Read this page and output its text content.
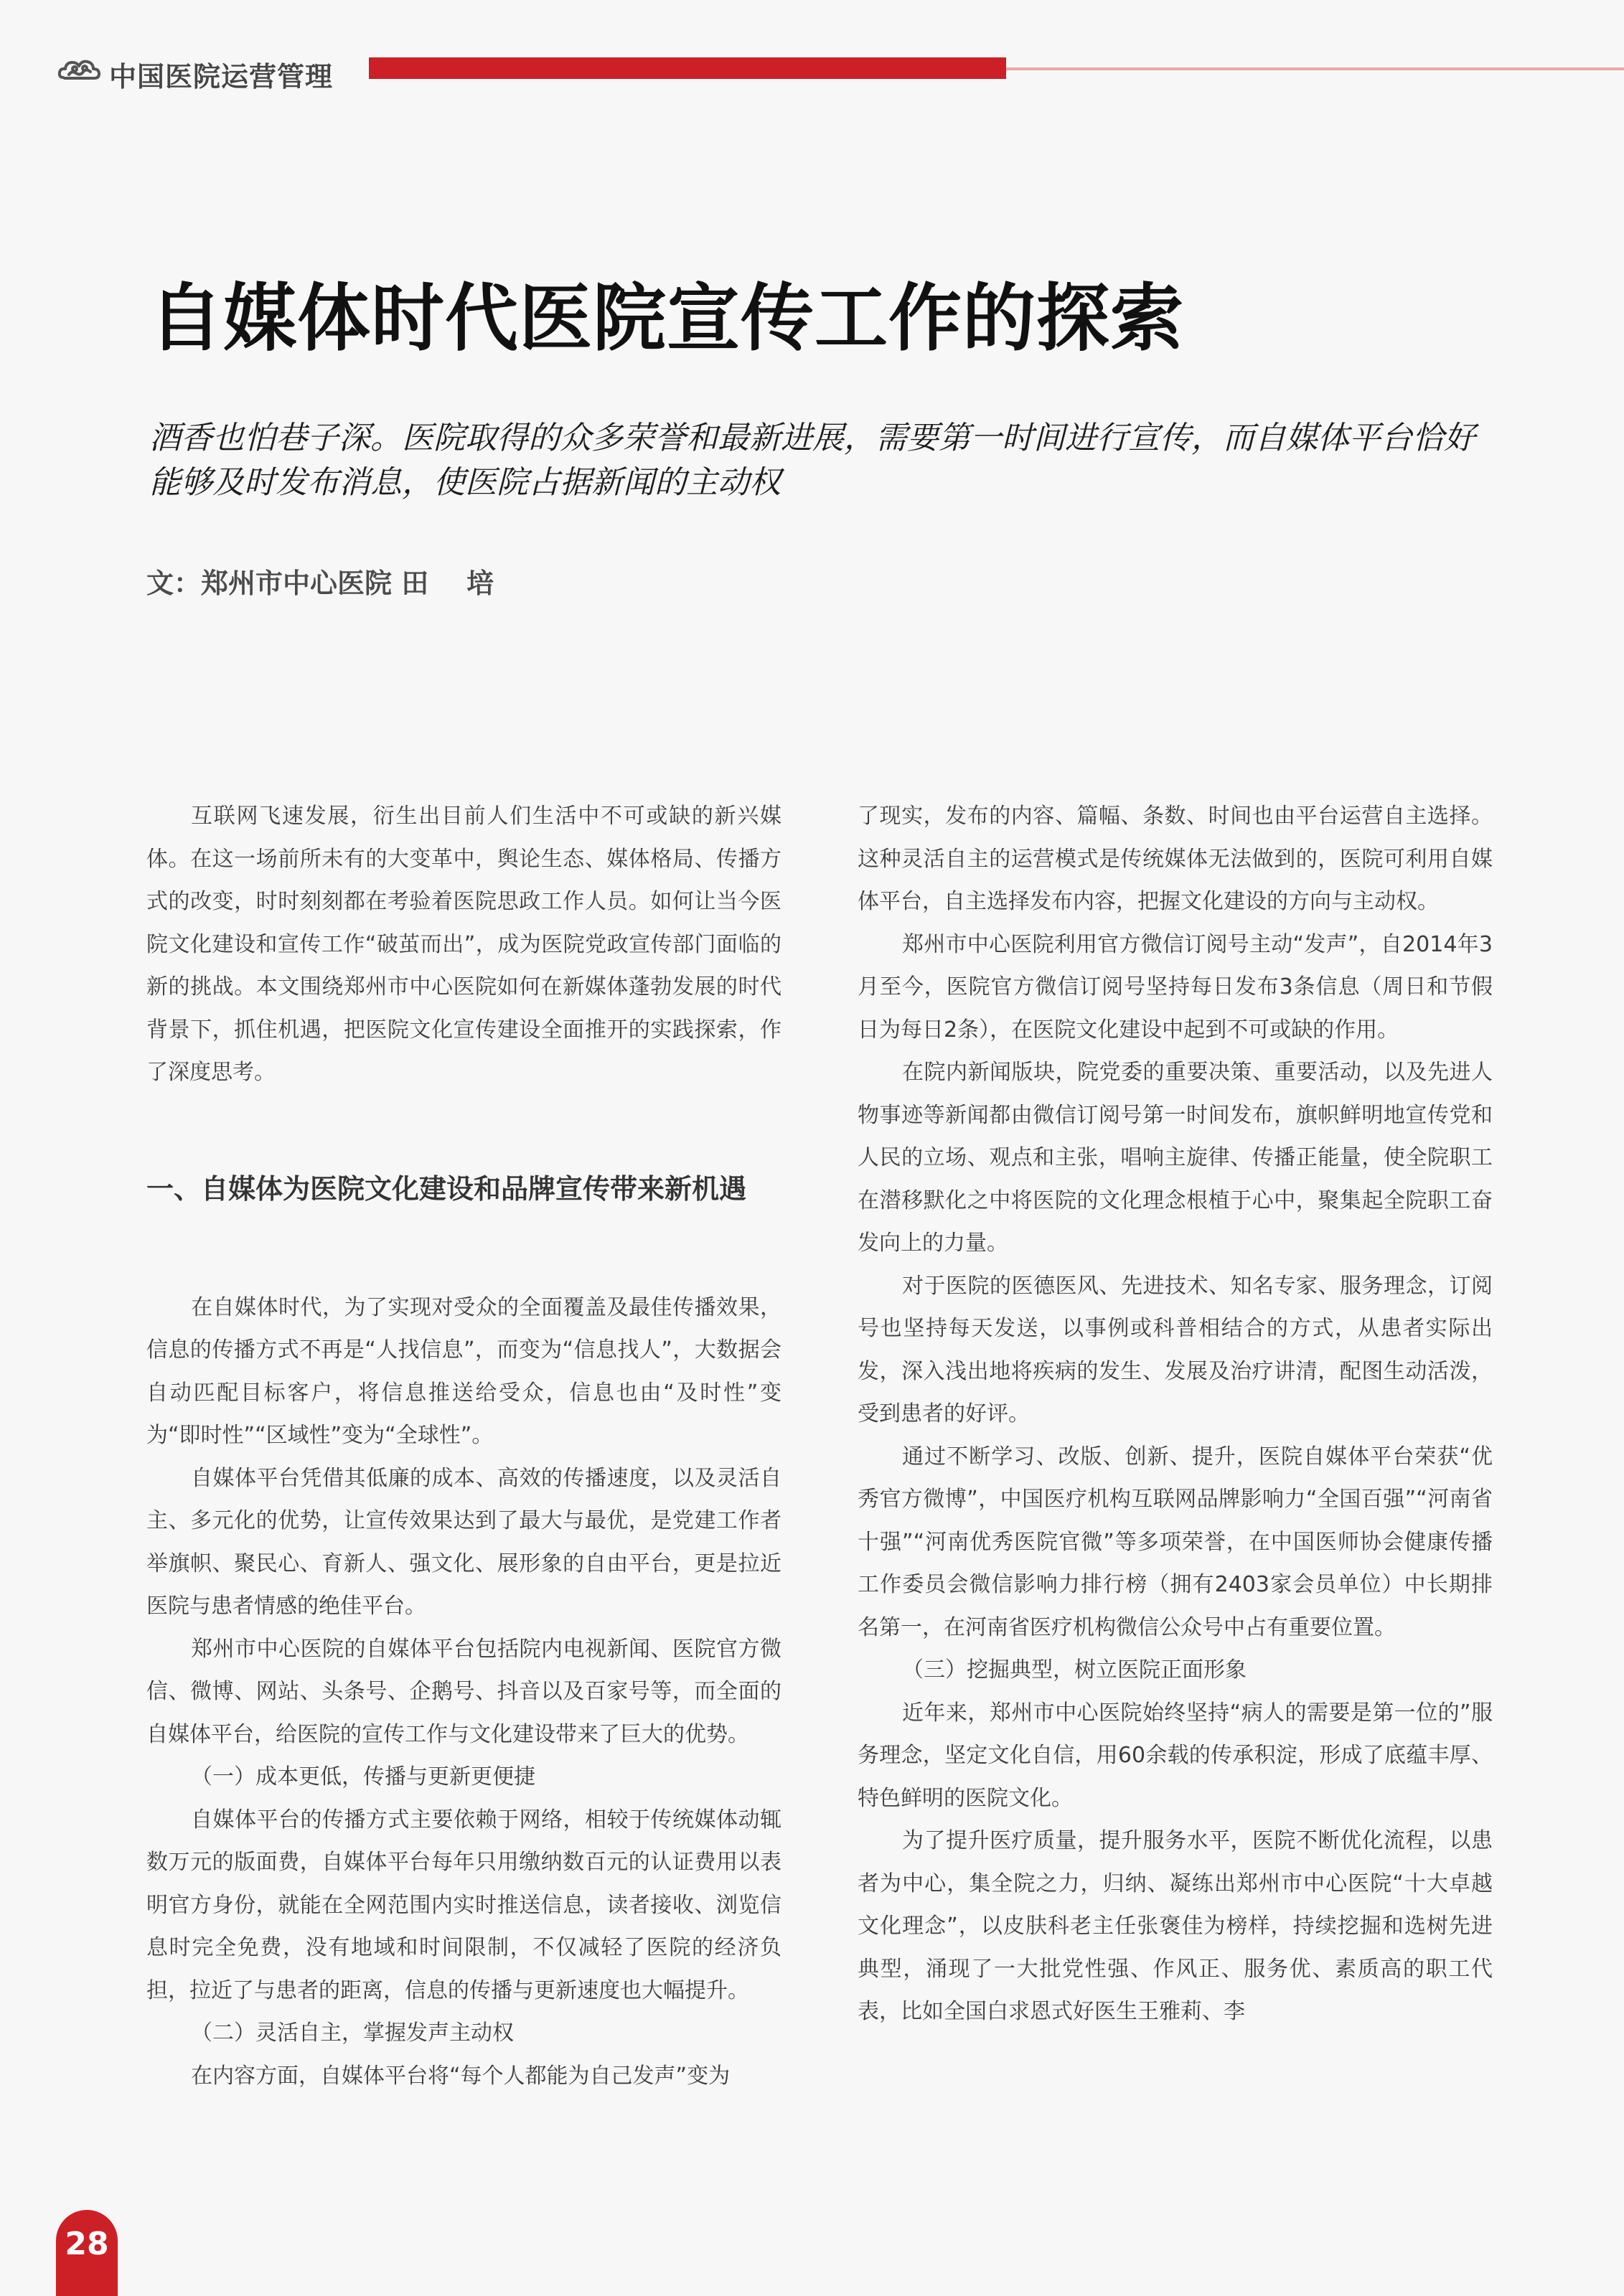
中国医院运营管理
自媒体时代医院宣传工作的探索

酒香也怕巷子深。医院取得的众多荣誉和最新进展，需要第一时间进行宣传，而自媒体平台恰好能够及时发布消息，使医院占据新闻的主动权

文：郑州市中心医院 田    培

互联网飞速发展，衍生出目前人们生活中不可或缺的新兴媒体。在这一场前所未有的大变革中，舆论生态、媒体格局、传播方式的改变，时时刻刻都在考验着医院思政工作人员。如何让当今医院文化建设和宣传工作“破茧而出”，成为医院党政宣传部门面临的新的挑战。本文围绕郑州市中心医院如何在新媒体蓬勃发展的时代背景下，抓住机遇，把医院文化宣传建设全面推开的实践探索，作了深度思考。

一、自媒体为医院文化建设和品牌宣传带来新机遇

在自媒体时代，为了实现对受众的全面覆盖及最佳传播效果，信息的传播方式不再是“人找信息”，而变为“信息找人”，大数据会自动匹配目标客户，将信息推送给受众，信息也由“及时性”变为“即时性”“区域性”变为“全球性”。

自媒体平台凭借其低廉的成本、高效的传播速度，以及灵活自主、多元化的优势，让宣传效果达到了最大与最优，是党建工作者举旗帜、聚民心、育新人、强文化、展形象的自由平台，更是拉近医院与患者情感的绝佳平台。

郑州市中心医院的自媒体平台包括院内电视新闻、医院官方微信、微博、网站、头条号、企鹅号、抖音以及百家号等，而全面的自媒体平台，给医院的宣传工作与文化建设带来了巨大的优势。

（一）成本更低，传播与更新更便捷

自媒体平台的传播方式主要依赖于网络，相较于传统媒体动辄数万元的版面费，自媒体平台每年只用缴纳数百元的认证费用以表明官方身份，就能在全网范围内实时推送信息，读者接收、浏览信息时完全免费，没有地域和时间限制，不仅减轻了医院的经济负担，拉近了与患者的距离，信息的传播与更新速度也大幅提升。

（二）灵活自主，掌握发声主动权

在内容方面，自媒体平台将“每个人都能为自己发声”变为

了现实，发布的内容、篇幅、条数、时间也由平台运营自主选择。这种灵活自主的运营模式是传统媒体无法做到的，医院可利用自媒体平台，自主选择发布内容，把握文化建设的方向与主动权。

郑州市中心医院利用官方微信订阅号主动“发声”，自2014年3月至今，医院官方微信订阅号坚持每日发布3条信息（周日和节假日为每日2条），在医院文化建设中起到不可或缺的作用。

在院内新闻版块，院党委的重要决策、重要活动，以及先进人物事迹等新闻都由微信订阅号第一时间发布，旗帜鲜明地宣传党和人民的立场、观点和主张，唱响主旋律、传播正能量，使全院职工在潜移默化之中将医院的文化理念根植于心中，聚集起全院职工奋发向上的力量。

对于医院的医德医风、先进技术、知名专家、服务理念，订阅号也坚持每天发送，以事例或科普相结合的方式，从患者实际出发，深入浅出地将疾病的发生、发展及治疗讲清，配图生动活泼，受到患者的好评。

通过不断学习、改版、创新、提升，医院自媒体平台荣获“优秀官方微博”，中国医疗机构互联网品牌影响力“全国百强”“河南省十强”“河南优秀医院官微”等多项荣誉，在中国医师协会健康传播工作委员会微信影响力排行榜（拥有2403家会员单位）中长期排名第一，在河南省医疗机构微信公众号中占有重要位置。

（三）挖掘典型，树立医院正面形象

近年来，郑州市中心医院始终坚持“病人的需要是第一位的”服务理念，坚定文化自信，用60余载的传承积淀，形成了底蕴丰厚、特色鲜明的医院文化。

为了提升医疗质量，提升服务水平，医院不断优化流程，以患者为中心，集全院之力，归纳、凝练出郑州市中心医院“十大卓越文化理念”，以皮肤科老主任张褒佳为榜样，持续挖掘和选树先进典型，涌现了一大批党性强、作风正、服务优、素质高的职工代表，比如全国白求恩式好医生王雅莉、李

28
